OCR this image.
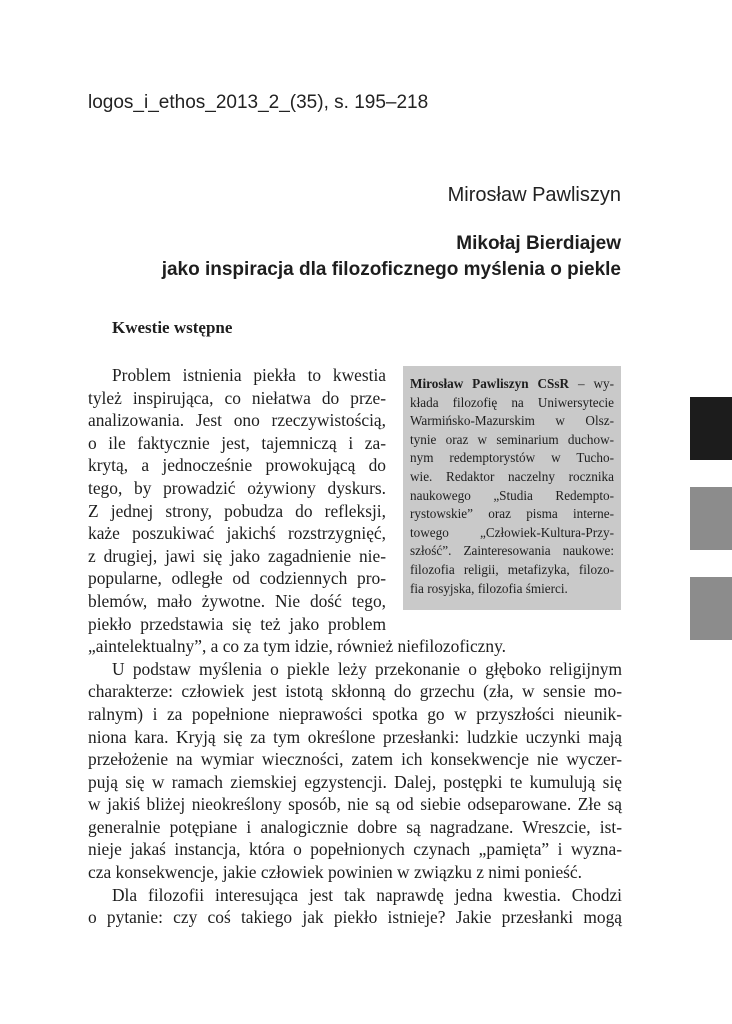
logos_i_ethos_2013_2_(35), s. 195–218
Mirosław Pawliszyn
Mikołaj Bierdiajew
jako inspiracja dla filozoficznego myślenia o piekle
Kwestie wstępne
Problem istnienia piekła to kwestia
tyleż inspirująca, co niełatwa do prze-
analizowania. Jest ono rzeczywistością,
o ile faktycznie jest, tajemniczą i za-
krytą, a jednocześnie prowokującą do
tego, by prowadzić ożywiony dyskurs.
Z jednej strony, pobudza do refleksji,
każe poszukiwać jakichś rozstrzygnięć,
z drugiej, jawi się jako zagadnienie nie-
popularne, odległe od codziennych pro-
blemów, mało żywotne. Nie dość tego,
piekło przedstawia się też jako problem
„aintelektualny”, a co za tym idzie, również niefilozoficzny.
U podstaw myślenia o piekle leży przekonanie o głęboko religijnym
charakterze: człowiek jest istotą skłonną do grzechu (zła, w sensie mo-
ralnym) i za popełnione nieprawości spotka go w przyszłości nieunik-
niona kara. Kryją się za tym określone przesłanki: ludzkie uczynki mają
przełożenie na wymiar wieczności, zatem ich konsekwencje nie wyczer-
pują się w ramach ziemskiej egzystencji. Dalej, postępki te kumulują się
w jakiś bliżej nieokreślony sposób, nie są od siebie odseparowane. Złe są
generalnie potępiane i analogicznie dobre są nagradzane. Wreszcie, ist-
nieje jakaś instancja, która o popełnionych czynach „pamięta” i wyzna-
cza konsekwencje, jakie człowiek powinien w związku z nimi ponieść.
Dla filozofii interesująca jest tak naprawdę jedna kwestia. Chodzi
o pytanie: czy coś takiego jak piekło istnieje? Jakie przesłanki mogą
Mirosław Pawliszyn CSsR – wy-
kłada filozofię na Uniwersytecie
Warmińsko-Mazurskim w Olsz-
tynie oraz w seminarium duchow-
nym redemptorystów w Tucho-
wie. Redaktor naczelny rocznika
naukowego „Studia Redempto-
rystowskie” oraz pisma interne-
towego „Człowiek-Kultura-Przy-
szłość”. Zainteresowania naukowe:
filozofia religii, metafizyka, filozo-
fia rosyjska, filozofia śmierci.
